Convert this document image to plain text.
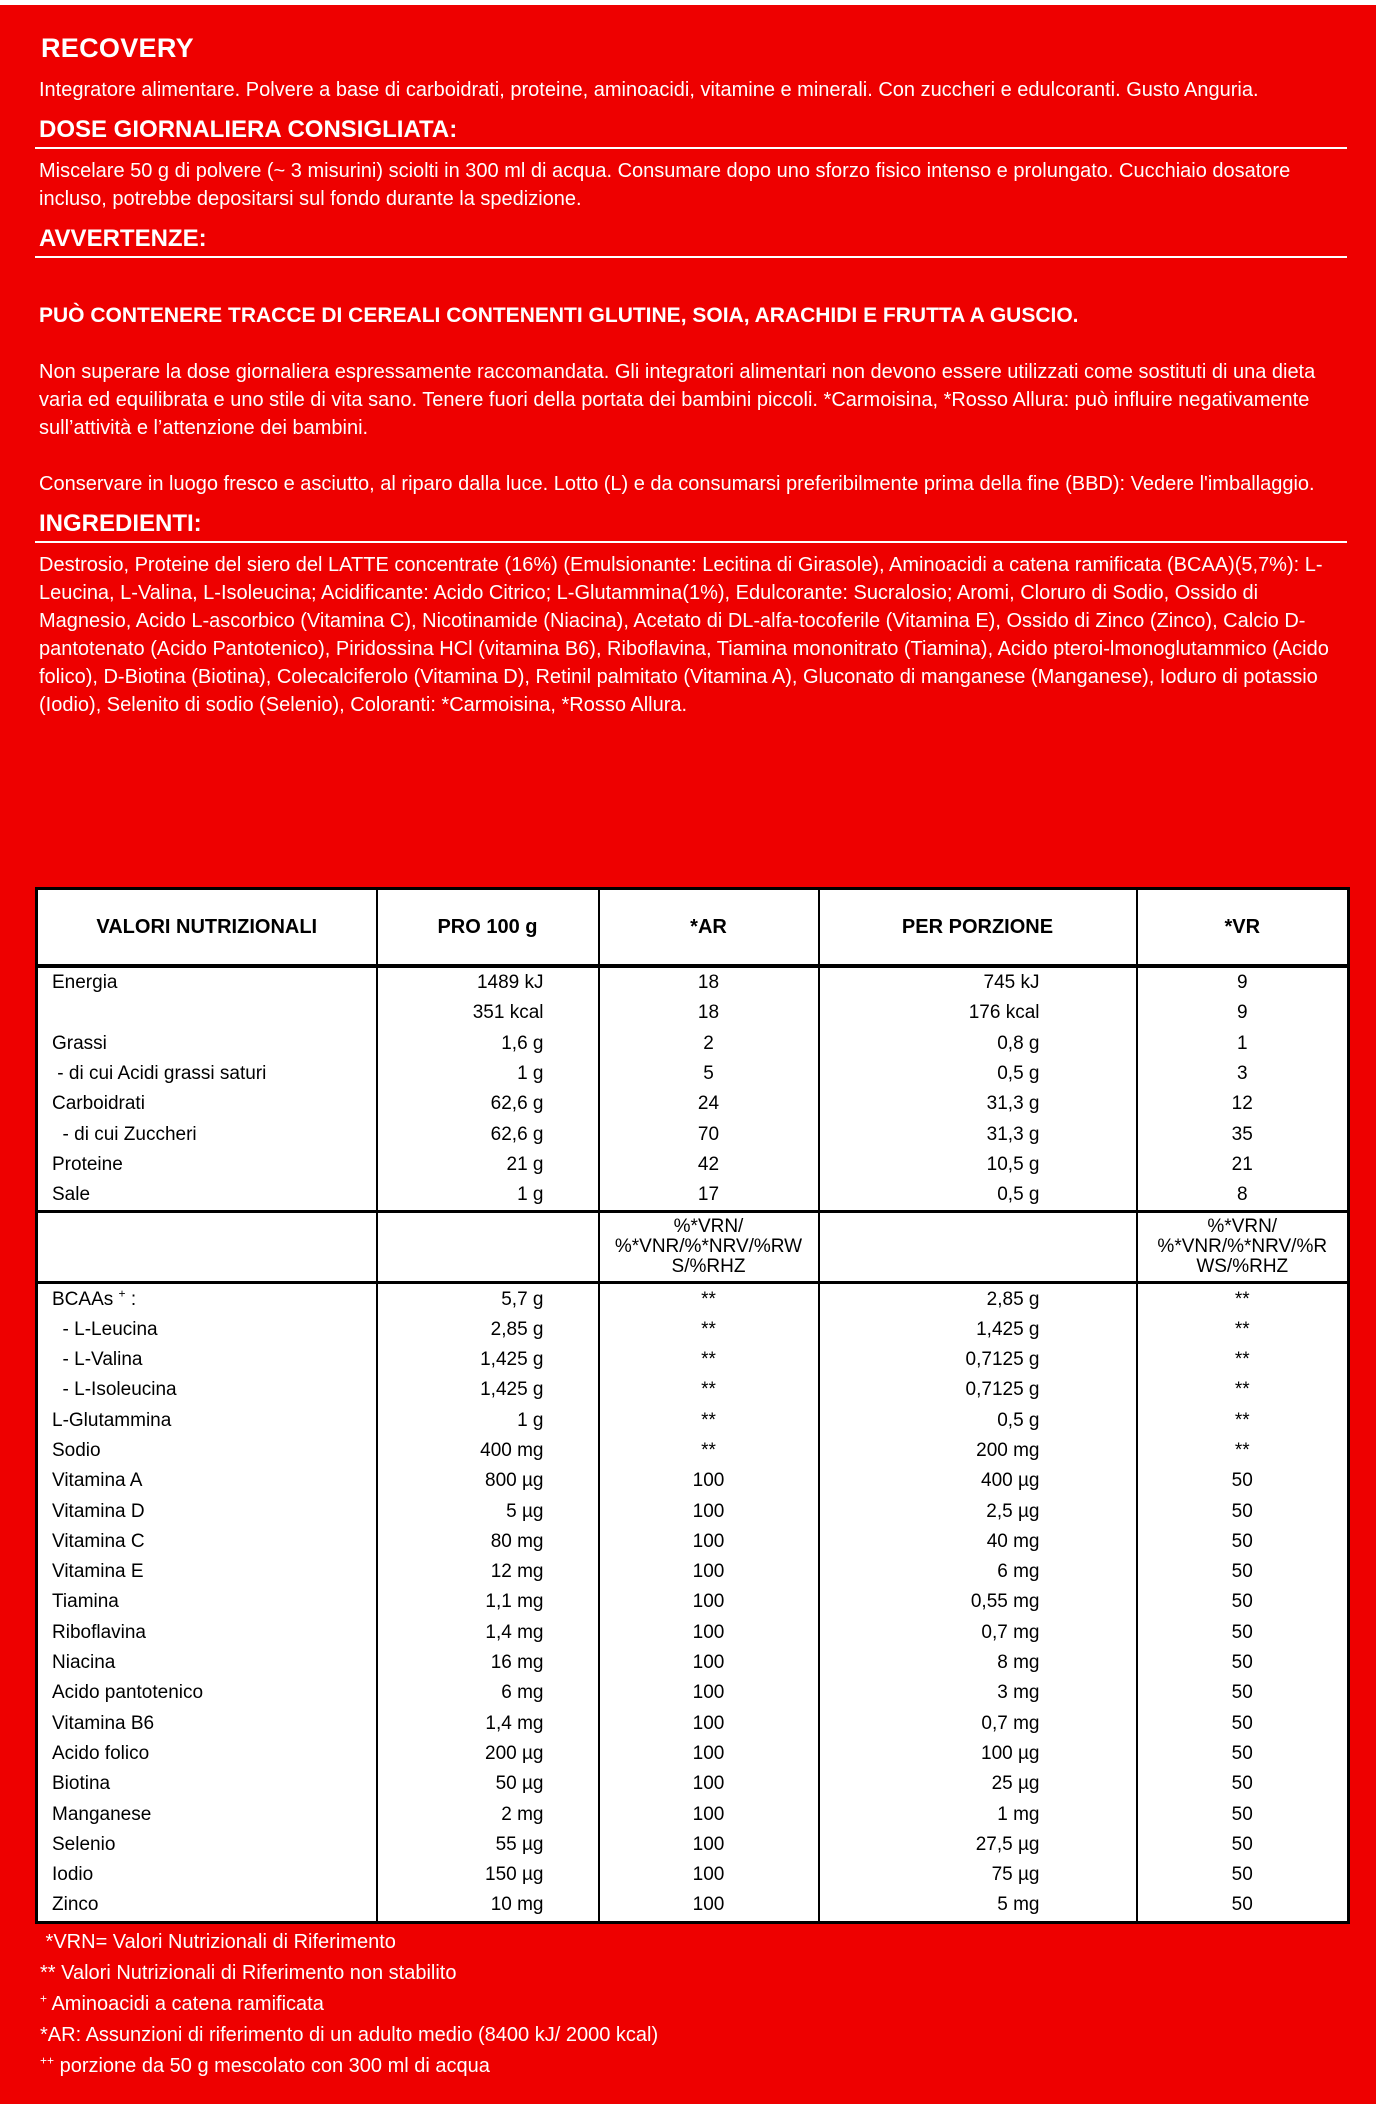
RECOVERY

Integratore alimentare. Polvere a base di carboidrati, proteine, aminoacidi, vitamine e minerali. Con zuccheri e edulcoranti. Gusto Anguria.

DOSE GIORNALIERA CONSIGLIATA:

Miscelare 50 g di polvere (~ 3 misurini) sciolti in 300 ml di acqua. Consumare dopo uno sforzo fisico intenso e prolungato. Cucchiaio dosatore incluso, potrebbe depositarsi sul fondo durante la spedizione.

AVVERTENZE:
PUÒ CONTENERE TRACCE DI CEREALI CONTENENTI GLUTINE, SOIA, ARACHIDI E FRUTTA A GUSCIO.

Non superare la dose giornaliera espressamente raccomandata. Gli integratori alimentari non devono essere utilizzati come sostituti di una dieta varia ed equilibrata e uno stile di vita sano. Tenere fuori della portata dei bambini piccoli. *Carmoisina, *Rosso Allura: può influire negativamente sull’attività e l’attenzione dei bambini.

Conservare in luogo fresco e asciutto, al riparo dalla luce. Lotto (L) e da consumarsi preferibilmente prima della fine (BBD): Vedere l'imballaggio.

INGREDIENTI:

Destrosio, Proteine del siero del LATTE concentrate (16%) (Emulsionante: Lecitina di Girasole), Aminoacidi a catena ramificata (BCAA)(5,7%): L-Leucina, L-Valina, L-Isoleucina; Acidificante: Acido Citrico; L-Glutammina(1%), Edulcorante: Sucralosio; Aromi, Cloruro di Sodio, Ossido di Magnesio, Acido L-ascorbico (Vitamina C), Nicotinamide (Niacina), Acetato di DL-alfa-tocoferile (Vitamina E), Ossido di Zinco (Zinco), Calcio D-pantotenato (Acido Pantotenico), Piridossina HCl (vitamina B6), Riboflavina, Tiamina mononitrato (Tiamina), Acido pteroi-lmonoglutammico (Acido folico), D-Biotina (Biotina), Colecalciferolo (Vitamina D), Retinil palmitato (Vitamina A), Gluconato di manganese (Manganese), Ioduro di potassio (Iodio), Selenito di sodio (Selenio), Coloranti: *Carmoisina, *Rosso Allura.

VALORI NUTRIZIONALI	PRO 100 g	*AR	PER PORZIONE	*VR
Energia	1489 kJ	18	745 kJ	9
	351 kcal	18	176 kcal	9
Grassi	1,6 g	2	0,8 g	1
- di cui Acidi grassi saturi	1 g	5	0,5 g	3
Carboidrati	62,6 g	24	31,3 g	12
- di cui Zuccheri	62,6 g	70	31,3 g	35
Proteine	21 g	42	10,5 g	21
Sale	1 g	17	0,5 g	8
		%*VRN/ %*VNR/%*NRV/%RW S/%RHZ		%*VRN/ %*VNR/%*NRV/%R WS/%RHZ
BCAAs + :	5,7 g	**	2,85 g	**
- L-Leucina	2,85 g	**	1,425 g	**
- L-Valina	1,425 g	**	0,7125 g	**
- L-Isoleucina	1,425 g	**	0,7125 g	**
L-Glutammina	1 g	**	0,5 g	**
Sodio	400 mg	**	200 mg	**
Vitamina A	800 µg	100	400 µg	50
Vitamina D	5 µg	100	2,5 µg	50
Vitamina C	80 mg	100	40 mg	50
Vitamina E	12 mg	100	6 mg	50
Tiamina	1,1 mg	100	0,55 mg	50
Riboflavina	1,4 mg	100	0,7 mg	50
Niacina	16 mg	100	8 mg	50
Acido pantotenico	6 mg	100	3 mg	50
Vitamina B6	1,4 mg	100	0,7 mg	50
Acido folico	200 µg	100	100 µg	50
Biotina	50 µg	100	25 µg	50
Manganese	2 mg	100	1 mg	50
Selenio	55 µg	100	27,5 µg	50
Iodio	150 µg	100	75 µg	50
Zinco	10 mg	100	5 mg	50
*VRN= Valori Nutrizionali di Riferimento
** Valori Nutrizionali di Riferimento non stabilito
+ Aminoacidi a catena ramificata
*AR: Assunzioni di riferimento di un adulto medio (8400 kJ/ 2000 kcal)
++ porzione da 50 g mescolato con 300 ml di acqua
